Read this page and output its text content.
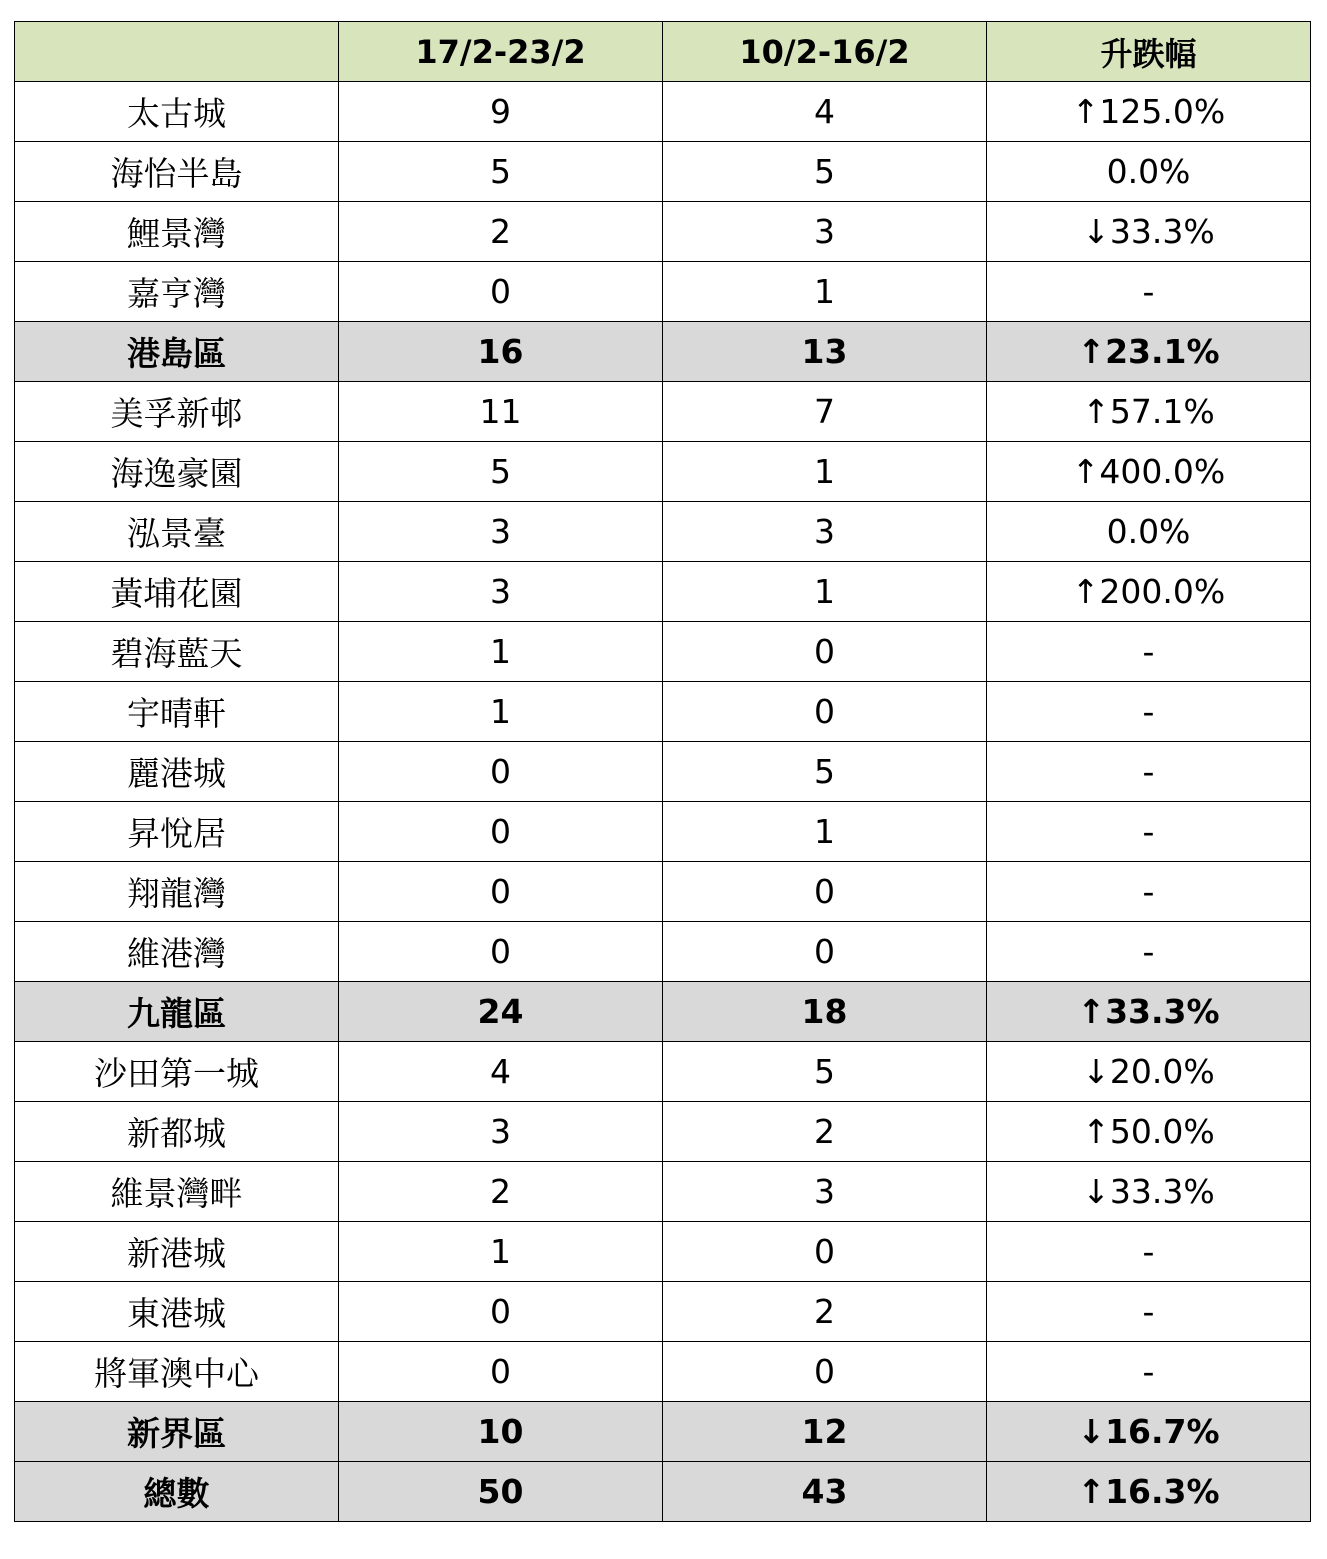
	17/2-23/2	10/2-16/2	升跌幅
太古城	9	4	↑125.0%
海怡半島	5	5	0.0%
鯉景灣	2	3	↓33.3%
嘉亨灣	0	1	-
港島區	16	13	↑23.1%
美孚新邨	11	7	↑57.1%
海逸豪園	5	1	↑400.0%
泓景臺	3	3	0.0%
黃埔花園	3	1	↑200.0%
碧海藍天	1	0	-
宇晴軒	1	0	-
麗港城	0	5	-
昇悅居	0	1	-
翔龍灣	0	0	-
維港灣	0	0	-
九龍區	24	18	↑33.3%
沙田第一城	4	5	↓20.0%
新都城	3	2	↑50.0%
維景灣畔	2	3	↓33.3%
新港城	1	0	-
東港城	0	2	-
將軍澳中心	0	0	-
新界區	10	12	↓16.7%
總數	50	43	↑16.3%
